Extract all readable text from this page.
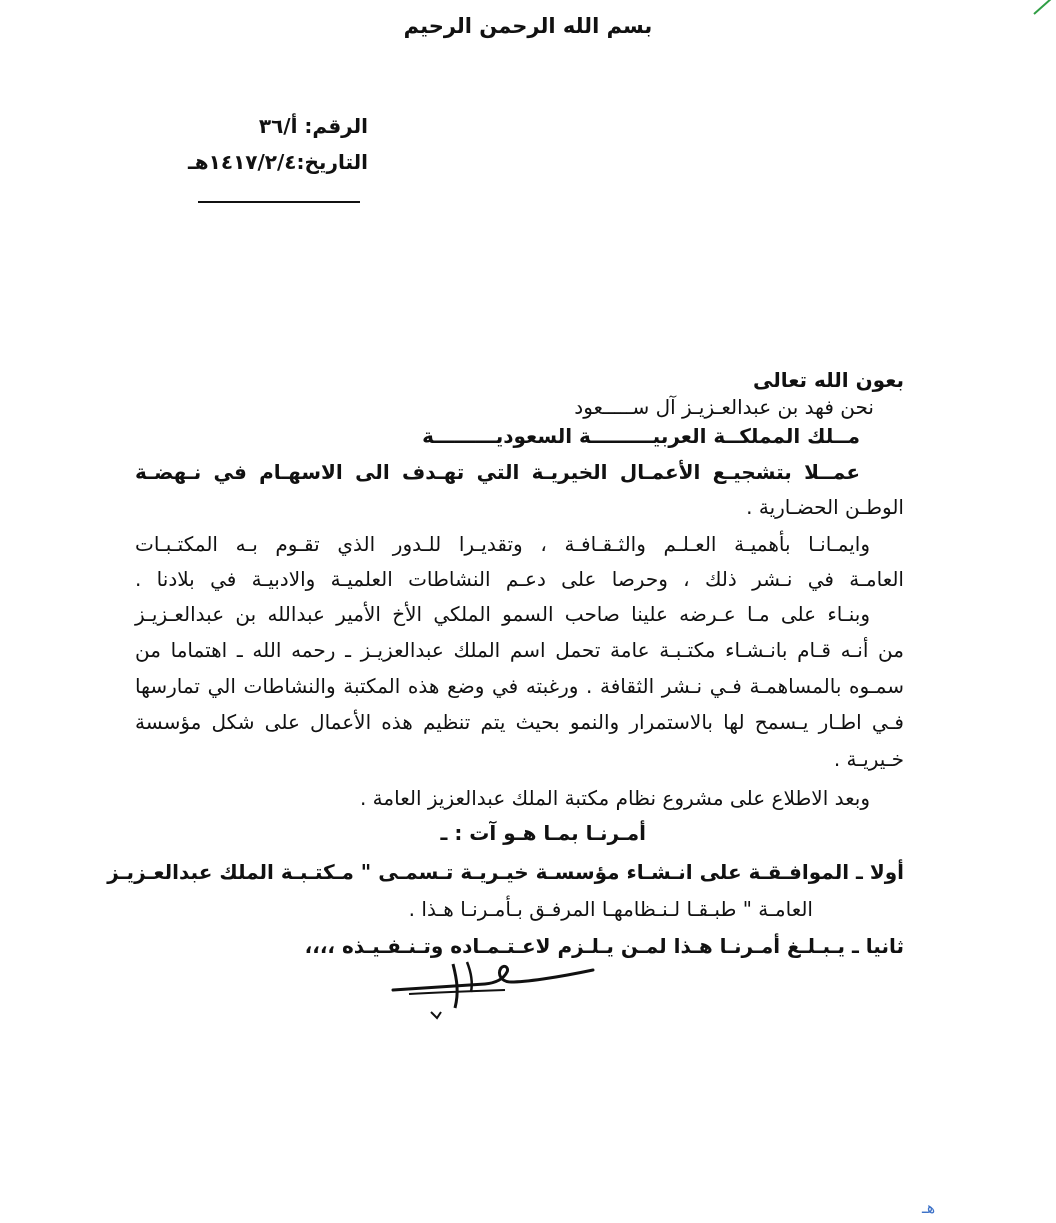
بسم الله الرحمن الرحيم
الرقم: أ/٣٦
التاريخ:١٤١٧/٢/٤هـ
بعون الله تعالى
نحن فهد بن عبدالعـزيـز آل ســـــعود
مــلك المملكــة العربيـــــــــة السعوديـــــــــة
عمــلا بتشجيـع الأعمـال الخيريـة التي تهـدف الى الاسهـام في نـهضـة
الوطـن الحضـارية .
وايمـانـا بأهميـة العـلـم والثـقـافـة ، وتقديـرا للـدور الذي تقـوم بـه المكتـبـات
العامـة في نـشر ذلك ، وحرصا على دعـم النشاطات العلميـة والادبيـة في بلادنا .
وبنـاء على مـا عـرضه علينا صاحب السمو الملكي الأخ الأمير عبدالله بن عبدالعـزيـز
من أنـه قـام بانـشـاء مكتـبـة عامة تحمل اسم الملك عبدالعزيـز ـ رحمه الله ـ اهتماما من
سمـوه بالمساهمـة فـي نـشر الثقافة . ورغبته في وضع هذه المكتبة والنشاطات الي تمارسها
فـي اطـار يـسمح لها بالاستمرار والنمو بحيث يتم تنظيم هذه الأعمال على شكل مؤسسة
خـيريـة .
وبعد الاطلاع على مشروع نظام مكتبة الملك عبدالعزيز العامة .
أمـرنـا بمـا هـو آت : ـ
أولا ـ الموافـقـة على انـشـاء مؤسسـة خيـريـة تـسمـى " مـكتـبـة الملك عبدالعـزيـز
العامـة " طبـقـا لـنـظامهـا المرفـق بـأمـرنـا هـذا .
ثانيا ـ يـبـلـغ أمـرنـا هـذا لمـن يـلـزم لاعـتـمـاده وتـنـفـيـذه ،،،،
هـ
